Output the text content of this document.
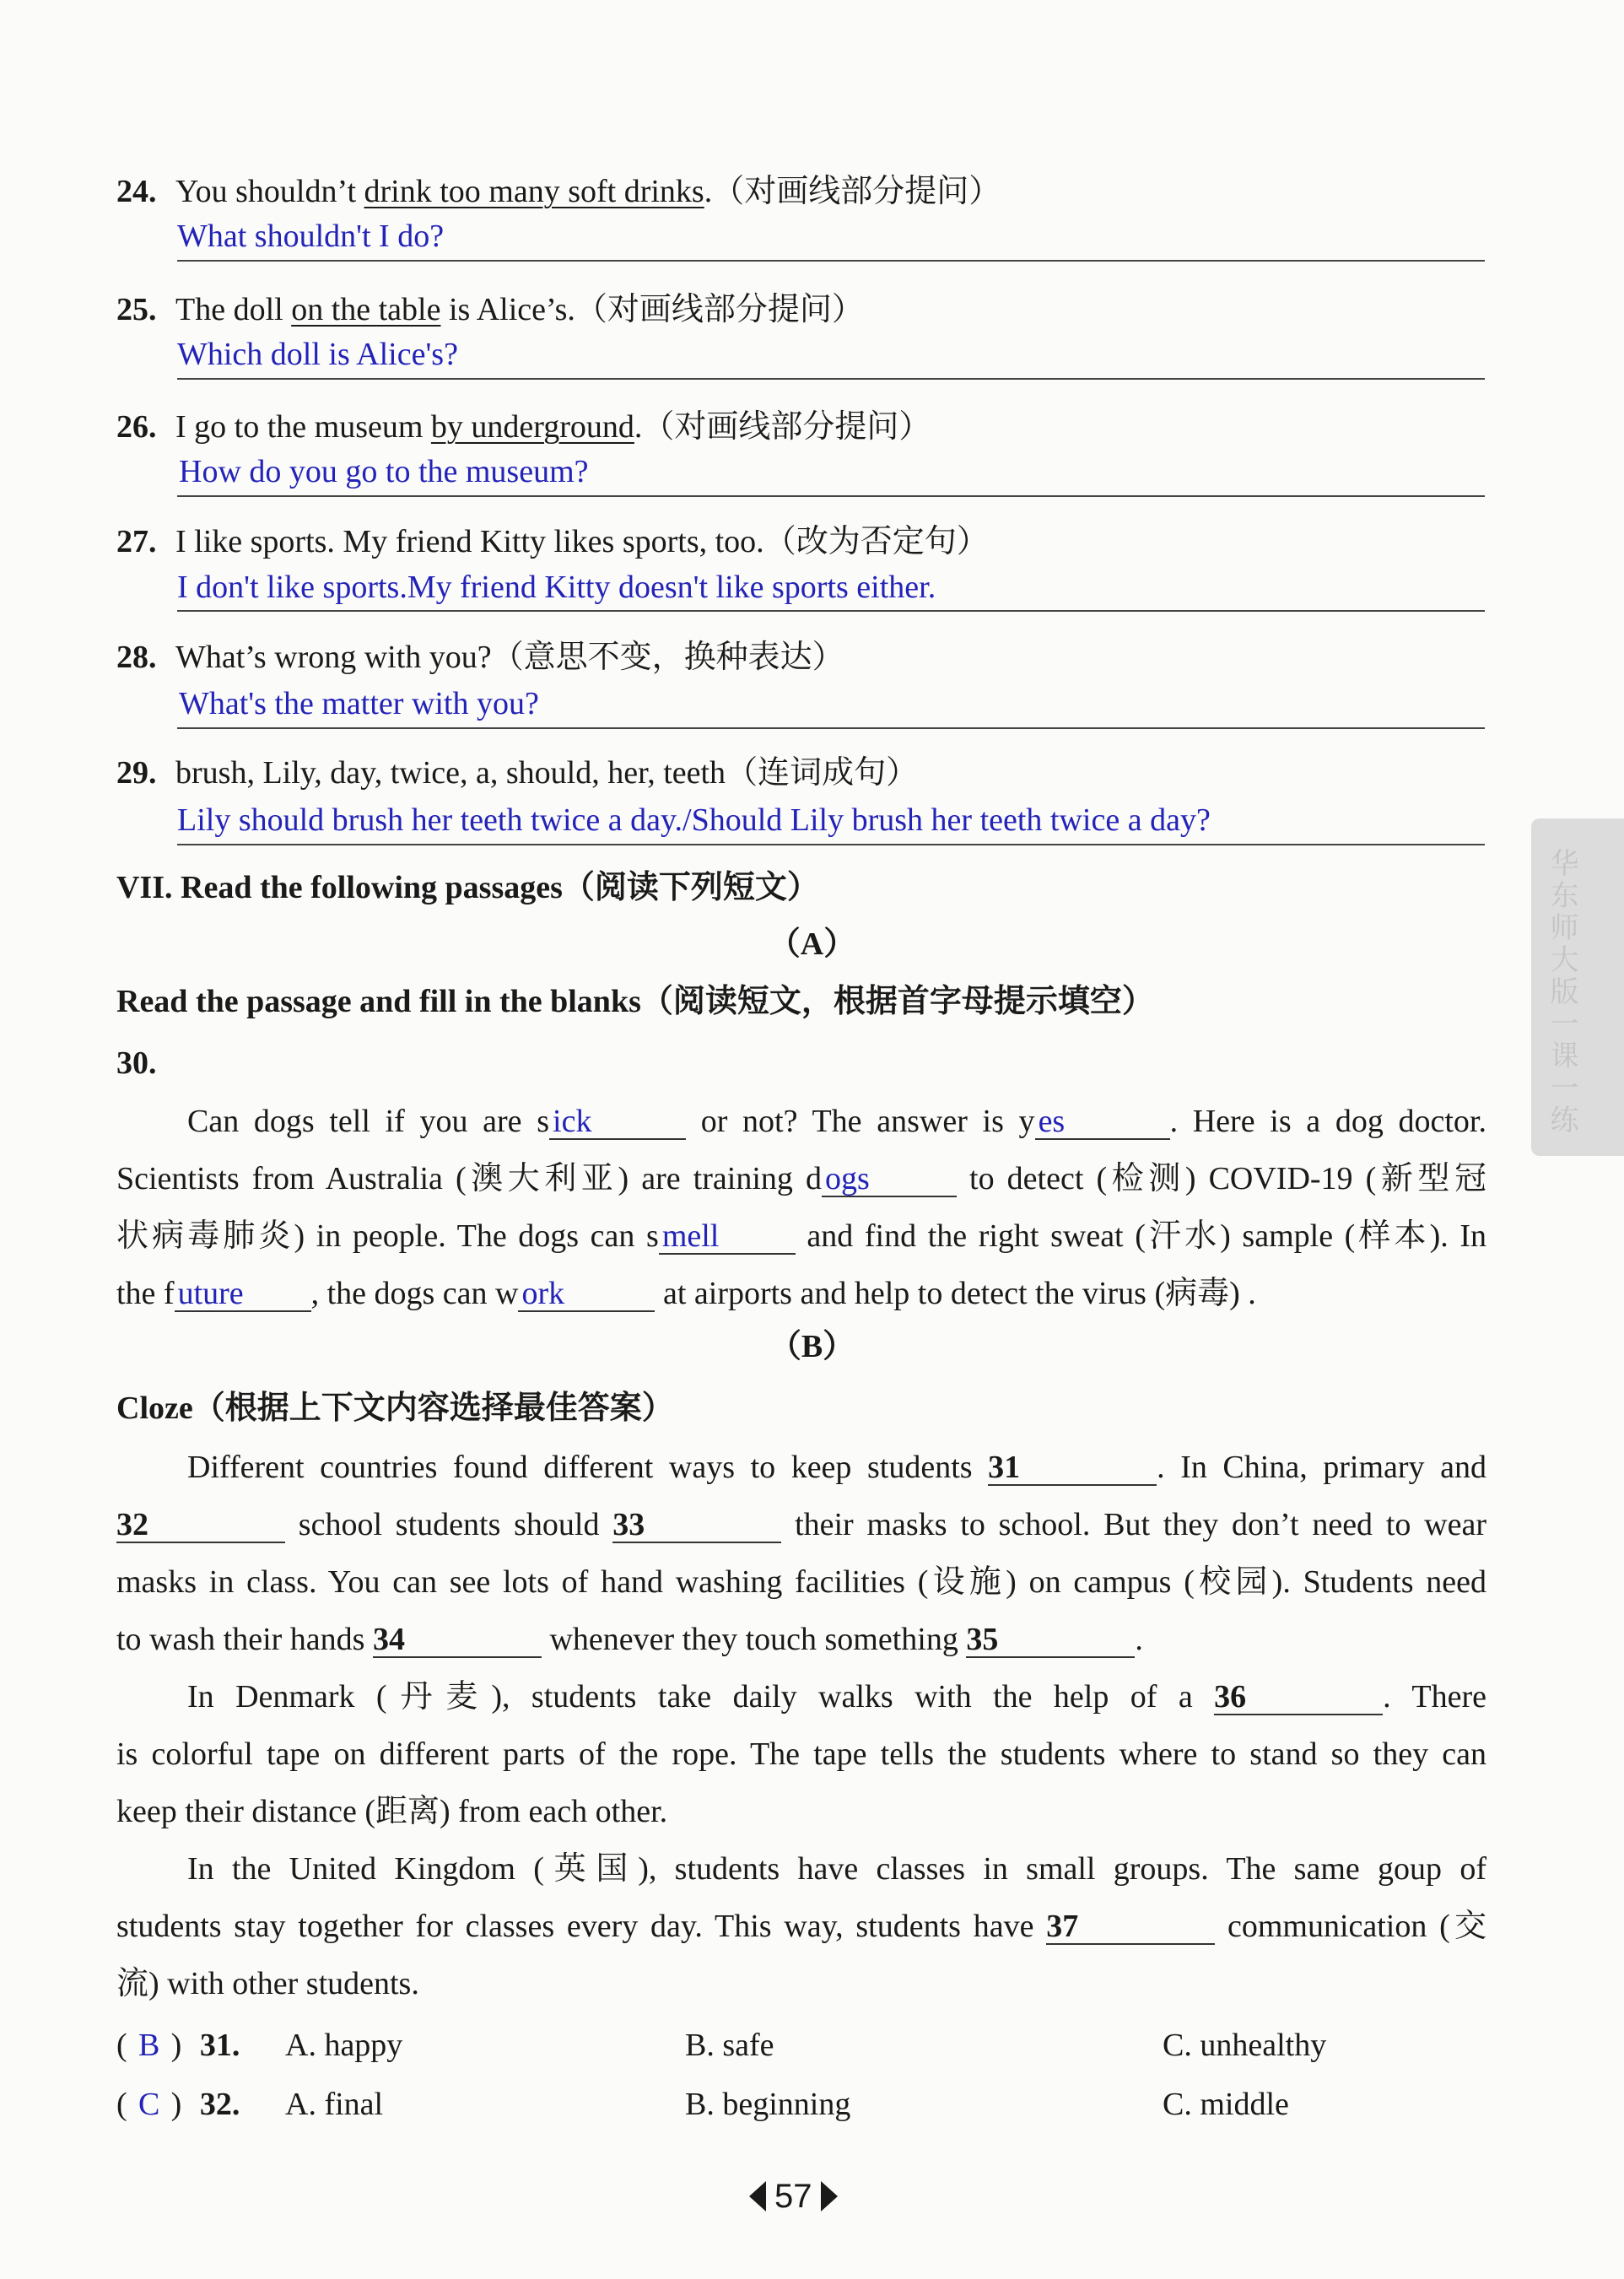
24. You shouldn’t drink too many soft drinks.（对画线部分提问）
What shouldn't I do?
25. The doll on the table is Alice’s.（对画线部分提问）
Which doll is Alice's?
26. I go to the museum by underground.（对画线部分提问）
How do you go to the museum?
27. I like sports. My friend Kitty likes sports, too.（改为否定句）
I don't like sports.My friend Kitty doesn't like sports either.
28. What’s wrong with you?（意思不变，换种表达）
What's the matter with you?
29. brush, Lily, day, twice, a, should, her, teeth（连词成句）
Lily should brush her teeth twice a day./Should Lily brush her teeth twice a day?
VII. Read the following passages（阅读下列短文）
（A）
Read the passage and fill in the blanks（阅读短文，根据首字母提示填空）
30.
Can dogs tell if you are s ick	or not? The answer is y es	. Here is a dog doctor.
Scientists from Australia (澳大利亚) are training d ogs	to detect (检测) COVID-19 (新型冠
状病毒肺炎) in people. The dogs can s mell	and find the right sweat (汗水) sample (样本). In
the f uture , the dogs can w ork	at airports and help to detect the virus (病毒) .
（B）
Cloze（根据上下文内容选择最佳答案）
Different countries found different ways to keep students 31	. In China, primary and
32	school students should 33	their masks to school. But they don’t need to wear
masks in class. You can see lots of hand washing facilities (设施) on campus (校园). Students need
to wash their hands 34	whenever they touch something 35	.
In Denmark (丹麦), students take daily walks with the help of a 36	. There
is colorful tape on different parts of the rope. The tape tells the students where to stand so they can
keep their distance (距离) from each other.
In the United Kingdom (英国), students have classes in small groups. The same goup of
students stay together for classes every day. This way, students have 37	communication (交
流) with other students.
( B ) 31. A. happy	B. safe	C. unhealthy
( C ) 32. A. final	B. beginning	C. middle
华东师大版一课一练
57
